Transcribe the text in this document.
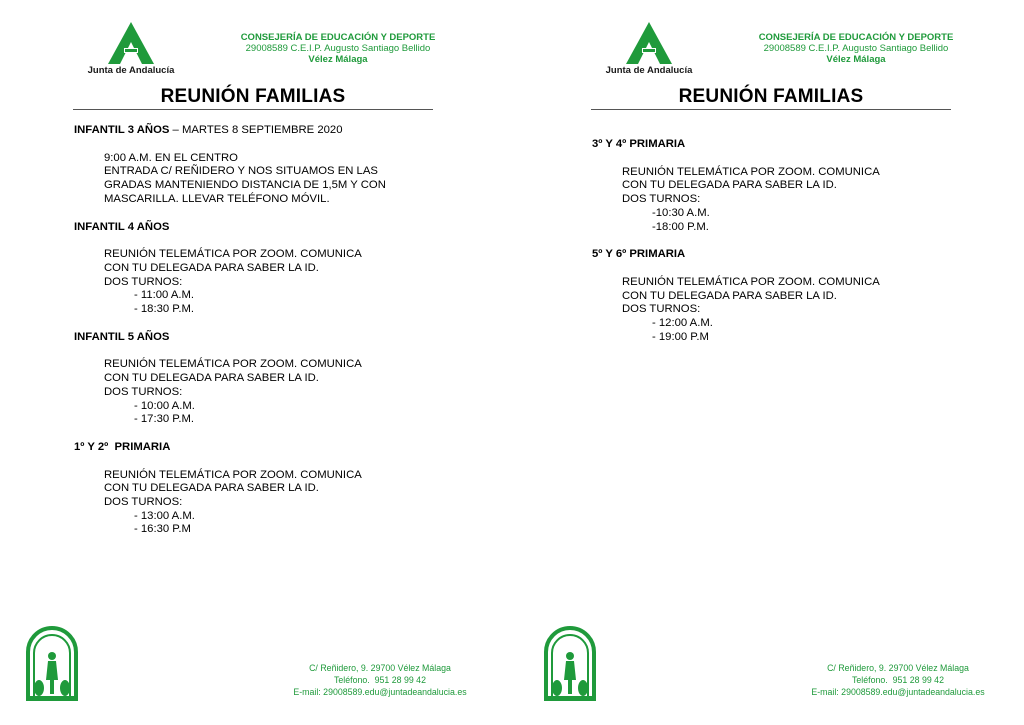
Junta de Andalucía
CONSEJERÍA DE EDUCACIÓN Y DEPORTE
29008589 C.E.I.P. Augusto Santiago Bellido
Vélez Málaga
REUNIÓN FAMILIAS
INFANTIL 3 AÑOS – MARTES 8 SEPTIEMBRE 2020
9:00 A.M. EN EL CENTRO
ENTRADA C/ REÑIDERO Y NOS SITUAMOS EN LAS
GRADAS MANTENIENDO DISTANCIA DE 1,5M Y CON
MASCARILLA. LLEVAR TELÉFONO MÓVIL.
INFANTIL 4 AÑOS
REUNIÓN TELEMÁTICA POR ZOOM. COMUNICA
CON TU DELEGADA PARA SABER LA ID.
DOS TURNOS:
- 11:00 A.M.
- 18:30 P.M.
INFANTIL 5 AÑOS
REUNIÓN TELEMÁTICA POR ZOOM. COMUNICA
CON TU DELEGADA PARA SABER LA ID.
DOS TURNOS:
- 10:00 A.M.
- 17:30 P.M.
1º Y 2º  PRIMARIA
REUNIÓN TELEMÁTICA POR ZOOM. COMUNICA
CON TU DELEGADA PARA SABER LA ID.
DOS TURNOS:
- 13:00 A.M.
- 16:30 P.M
C/ Reñidero, 9. 29700 Vélez Málaga
Teléfono.  951 28 99 42
E-mail: 29008589.edu@juntadeandalucia.es
Junta de Andalucía
CONSEJERÍA DE EDUCACIÓN Y DEPORTE
29008589 C.E.I.P. Augusto Santiago Bellido
Vélez Málaga
REUNIÓN FAMILIAS
3º Y 4º PRIMARIA
REUNIÓN TELEMÁTICA POR ZOOM. COMUNICA
CON TU DELEGADA PARA SABER LA ID.
DOS TURNOS:
-10:30 A.M.
-18:00 P.M.
5º Y 6º PRIMARIA
REUNIÓN TELEMÁTICA POR ZOOM. COMUNICA
CON TU DELEGADA PARA SABER LA ID.
DOS TURNOS:
- 12:00 A.M.
- 19:00 P.M
C/ Reñidero, 9. 29700 Vélez Málaga
Teléfono.  951 28 99 42
E-mail: 29008589.edu@juntadeandalucia.es
